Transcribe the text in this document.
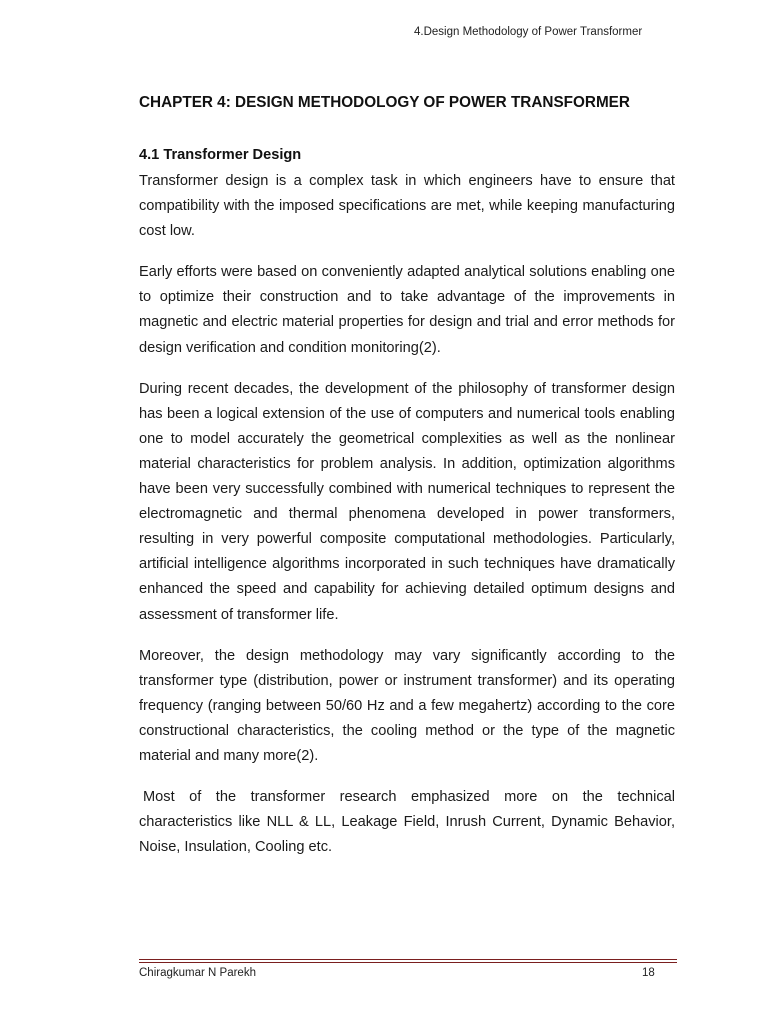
4.Design Methodology of Power Transformer
CHAPTER 4: DESIGN METHODOLOGY OF POWER TRANSFORMER
4.1 Transformer Design

Transformer design is a complex task in which engineers have to ensure that compatibility with the imposed specifications are met, while keeping manufacturing cost low.

Early efforts were based on conveniently adapted analytical solutions enabling one to optimize their construction and to take advantage of the improvements in magnetic and electric material properties for design and trial and error methods for design verification and condition monitoring(2).

During recent decades, the development of the philosophy of transformer design has been a logical extension of the use of computers and numerical tools enabling one to model accurately the geometrical complexities as well as the nonlinear material characteristics for problem analysis. In addition, optimization algorithms have been very successfully combined with numerical techniques to represent the electromagnetic and thermal phenomena developed in power transformers, resulting in very powerful composite computational methodologies. Particularly, artificial intelligence algorithms incorporated in such techniques have dramatically enhanced the speed and capability for achieving detailed optimum designs and assessment of transformer life.

Moreover, the design methodology may vary significantly according to the transformer type (distribution, power or instrument transformer) and its operating frequency (ranging between 50/60 Hz and a few megahertz) according to the core constructional characteristics, the cooling method or the type of the magnetic material and many more(2).

Most of the transformer research emphasized more on the technical characteristics like NLL & LL, Leakage Field, Inrush Current, Dynamic Behavior, Noise, Insulation, Cooling etc.

Chiragkumar N Parekh	18
